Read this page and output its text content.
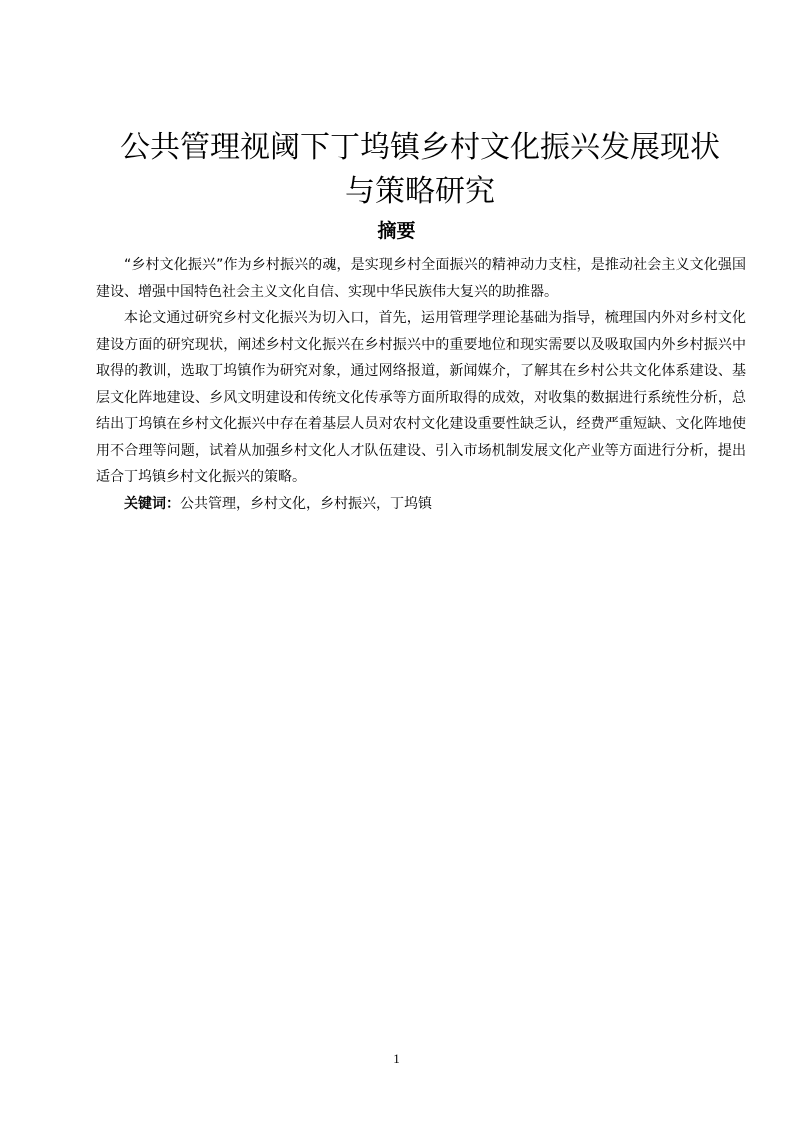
公共管理视阈下丁坞镇乡村文化振兴发展现状与策略研究
摘要

“乡村文化振兴”作为乡村振兴的魂，是实现乡村全面振兴的精神动力支柱，是推动社会主义文化强国建设、增强中国特色社会主义文化自信、实现中华民族伟大复兴的助推器。

本论文通过研究乡村文化振兴为切入口，首先，运用管理学理论基础为指导，梳理国内外对乡村文化建设方面的研究现状，阐述乡村文化振兴在乡村振兴中的重要地位和现实需要以及吸取国内外乡村振兴中取得的教训，选取丁坞镇作为研究对象，通过网络报道，新闻媒介，了解其在乡村公共文化体系建设、基层文化阵地建设、乡风文明建设和传统文化传承等方面所取得的成效，对收集的数据进行系统性分析，总结出丁坞镇在乡村文化振兴中存在着基层人员对农村文化建设重要性缺乏认，经费严重短缺、文化阵地使用不合理等问题，试着从加强乡村文化人才队伍建设、引入市场机制发展文化产业等方面进行分析，提出适合丁坞镇乡村文化振兴的策略。

关键词：公共管理，乡村文化，乡村振兴，丁坞镇

1
